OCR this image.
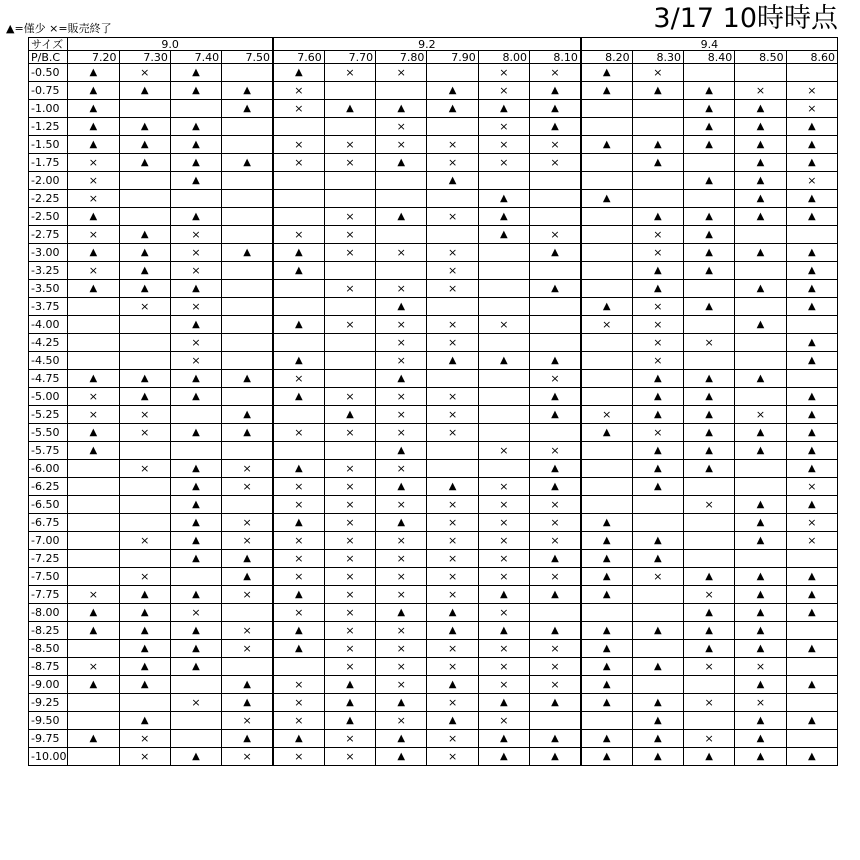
▲=僅少 ×=販売終了	3/17 10時時点
サイズ	9.0				9.2						9.4				
P/B.C	7.20	7.30	7.40	7.50	7.60	7.70	7.80	7.90	8.00	8.10	8.20	8.30	8.40	8.50	8.60
-0.50	▲	×	▲		▲	×	×		×	×	▲	×			
-0.75	▲	▲	▲	▲	×			▲	×	▲	▲	▲	▲	×	×
-1.00	▲			▲	×	▲	▲	▲	▲	▲			▲	▲	×
-1.25	▲	▲	▲				×		×	▲			▲	▲	▲
-1.50	▲	▲	▲		×	×	×	×	×	×	▲	▲	▲	▲	▲
-1.75	×	▲	▲	▲	×	×	▲	×	×	×		▲		▲	▲
-2.00	×		▲					▲					▲	▲	×
-2.25	×								▲		▲			▲	▲
-2.50	▲		▲			×	▲	×	▲			▲	▲	▲	▲
-2.75	×	▲	×		×	×			▲	×		×	▲		
-3.00	▲	▲	×	▲	▲	×	×	×		▲		×	▲	▲	▲
-3.25	×	▲	×		▲			×				▲	▲		▲
-3.50	▲	▲	▲			×	×	×		▲		▲		▲	▲
-3.75		×	×				▲				▲	×	▲		▲
-4.00			▲		▲	×	×	×	×		×	×		▲	
-4.25			×				×	×				×	×		▲
-4.50			×		▲		×	▲	▲	▲		×			▲
-4.75	▲	▲	▲	▲	×		▲			×		▲	▲	▲	
-5.00	×	▲	▲		▲	×	×	×		▲		▲	▲		▲
-5.25	×	×		▲		▲	×	×		▲	×	▲	▲	×	▲
-5.50	▲	×	▲	▲	×	×	×	×			▲	×	▲	▲	▲
-5.75	▲						▲		×	×		▲	▲	▲	▲
-6.00		×	▲	×	▲	×	×			▲		▲	▲		▲
-6.25			▲	×	×	×	▲	▲	×	▲		▲			×
-6.50			▲		×	×	×	×	×	×			×	▲	▲
-6.75			▲	×	▲	×	▲	×	×	×	▲			▲	×
-7.00		×	▲	×	×	×	×	×	×	×	▲	▲		▲	×
-7.25			▲	▲	×	×	×	×	×	▲	▲	▲			
-7.50		×		▲	×	×	×	×	×	×	▲	×	▲	▲	▲
-7.75	×	▲	▲	×	▲	×	×	×	▲	▲	▲		×	▲	▲
-8.00	▲	▲	×		×	×	▲	▲	×				▲	▲	▲
-8.25	▲	▲	▲	×	▲	×	×	▲	▲	▲	▲	▲	▲	▲	
-8.50		▲	▲	×	▲	×	×	×	×	×	▲		▲	▲	▲
-8.75	×	▲	▲			×	×	×	×	×	▲	▲	×	×	
-9.00	▲	▲		▲	×	▲	×	▲	×	×	▲			▲	▲
-9.25			×	▲	×	▲	▲	×	▲	▲	▲	▲	×	×	
-9.50		▲		×	×	▲	×	▲	×			▲		▲	▲
-9.75	▲	×		▲	▲	×	▲	×	▲	▲	▲	▲	×	▲	
-10.00		×	▲	×	×	×	▲	×	▲	▲	▲	▲	▲	▲	▲
